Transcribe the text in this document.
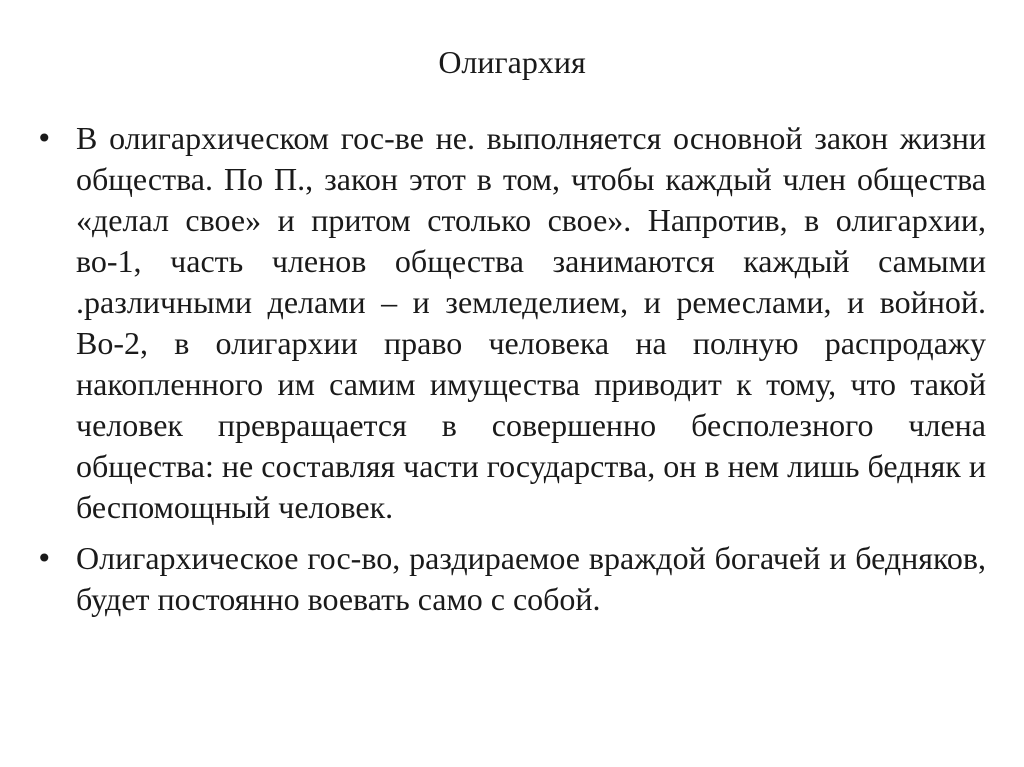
Олигархия
• В олигархическом гос-ве не. выполняется основной закон жизни общества. По П., закон этот в том, чтобы каждый член общества «делал свое» и притом столько свое». Напротив, в олигархии, во-1, часть членов общества занимаются каждый самыми .различными делами – и земледелием, и ремеслами, и войной. Во-2, в олигархии право человека на полную распродажу накопленного им самим имущества приводит к тому, что такой человек превращается в совершенно бесполезного члена общества: не составляя части государства, он в нем лишь бедняк и беспомощный человек.
• Олигархическое гос-во, раздираемое враждой богачей и бедняков, будет постоянно воевать само с собой.
